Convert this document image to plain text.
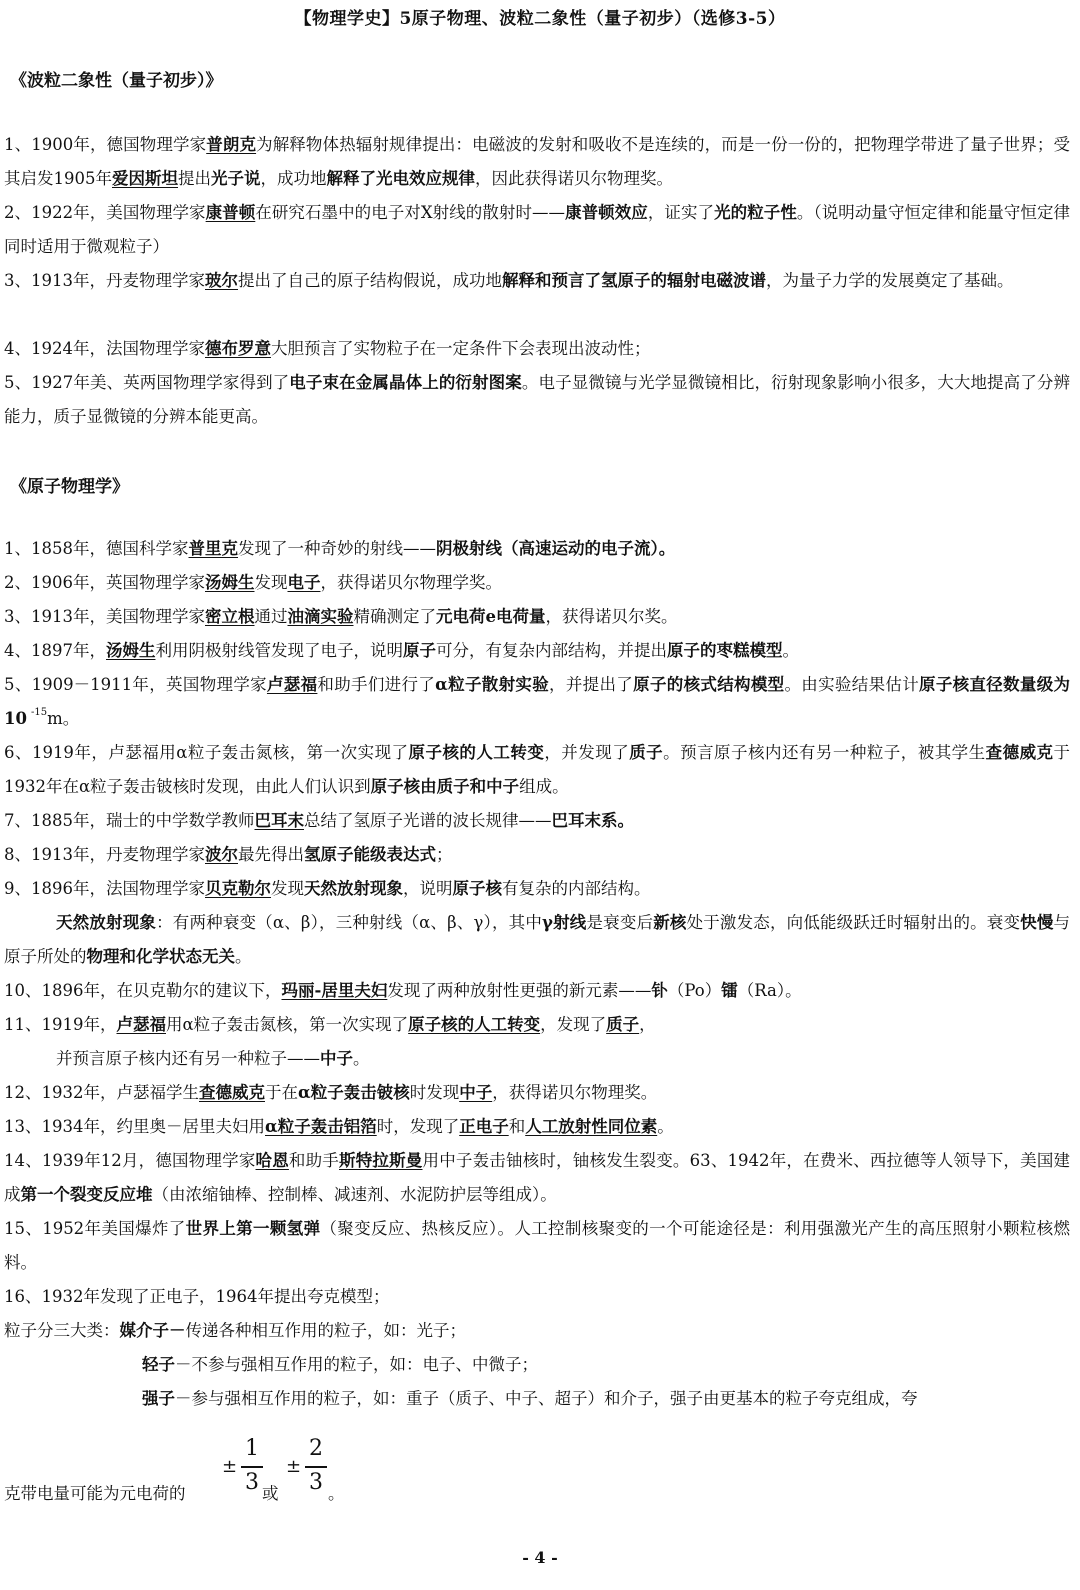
【物理学史】5原子物理、波粒二象性（量子初步）（选修3-5）
《波粒二象性（量子初步）》
1、1900年，德国物理学家普朗克为解释物体热辐射规律提出：电磁波的发射和吸收不是连续的，而是一份一份的，把物理学带进了量子世界；受其启发1905年爱因斯坦提出光子说，成功地解释了光电效应规律，因此获得诺贝尔物理奖。
2、1922年，美国物理学家康普顿在研究石墨中的电子对X射线的散射时——康普顿效应，证实了光的粒子性。（说明动量守恒定律和能量守恒定律同时适用于微观粒子）
3、1913年，丹麦物理学家玻尔提出了自己的原子结构假说，成功地解释和预言了氢原子的辐射电磁波谱，为量子力学的发展奠定了基础。
4、1924年，法国物理学家德布罗意大胆预言了实物粒子在一定条件下会表现出波动性；
5、1927年美、英两国物理学家得到了电子束在金属晶体上的衍射图案。电子显微镜与光学显微镜相比，衍射现象影响小很多，大大地提高了分辨能力，质子显微镜的分辨本能更高。
《原子物理学》
1、1858年，德国科学家普里克发现了一种奇妙的射线——阴极射线（高速运动的电子流）。
2、1906年，英国物理学家汤姆生发现电子，获得诺贝尔物理学奖。
3、1913年，美国物理学家密立根通过油滴实验精确测定了元电荷e电荷量，获得诺贝尔奖。
4、1897年，汤姆生利用阴极射线管发现了电子，说明原子可分，有复杂内部结构，并提出原子的枣糕模型。
5、1909－1911年，英国物理学家卢瑟福和助手们进行了α粒子散射实验，并提出了原子的核式结构模型。由实验结果估计原子核直径数量级为10 $^{-15}$m。
6、1919年，卢瑟福用α粒子轰击氮核，第一次实现了原子核的人工转变，并发现了质子。预言原子核内还有另一种粒子，被其学生查德威克于1932年在α粒子轰击铍核时发现，由此人们认识到原子核由质子和中子组成。
7、1885年，瑞士的中学数学教师巴耳末总结了氢原子光谱的波长规律——巴耳末系。
8、1913年，丹麦物理学家波尔最先得出氢原子能级表达式；
9、1896年，法国物理学家贝克勒尔发现天然放射现象，说明原子核有复杂的内部结构。
天然放射现象：有两种衰变（α、β），三种射线（α、β、γ），其中γ射线是衰变后新核处于激发态，向低能级跃迁时辐射出的。衰变快慢与原子所处的物理和化学状态无关。
10、1896年，在贝克勒尔的建议下，玛丽-居里夫妇发现了两种放射性更强的新元素——钋（Po）镭（Ra）。
11、1919年，卢瑟福用α粒子轰击氮核，第一次实现了原子核的人工转变，发现了质子，
并预言原子核内还有另一种粒子——中子。
12、1932年，卢瑟福学生查德威克于在α粒子轰击铍核时发现中子，获得诺贝尔物理奖。
13、1934年，约里奥－居里夫妇用α粒子轰击铝箔时，发现了正电子和人工放射性同位素。
14、1939年12月，德国物理学家哈恩和助手斯特拉斯曼用中子轰击铀核时，铀核发生裂变。63、1942年，在费米、西拉德等人领导下，美国建成第一个裂变反应堆（由浓缩铀棒、控制棒、减速剂、水泥防护层等组成）。
15、1952年美国爆炸了世界上第一颗氢弹（聚变反应、热核反应）。人工控制核聚变的一个可能途径是：利用强激光产生的高压照射小颗粒核燃料。
16、1932年发现了正电子，1964年提出夸克模型；
粒子分三大类：媒介子－传递各种相互作用的粒子，如：光子；
轻子－不参与强相互作用的粒子，如：电子、中微子；
强子－参与强相互作用的粒子，如：重子（质子、中子、超子）和介子，强子由更基本的粒子夸克组成，夸
克带电量可能为元电荷的
±
1
3 或
±
2
3 。
- 4 -
